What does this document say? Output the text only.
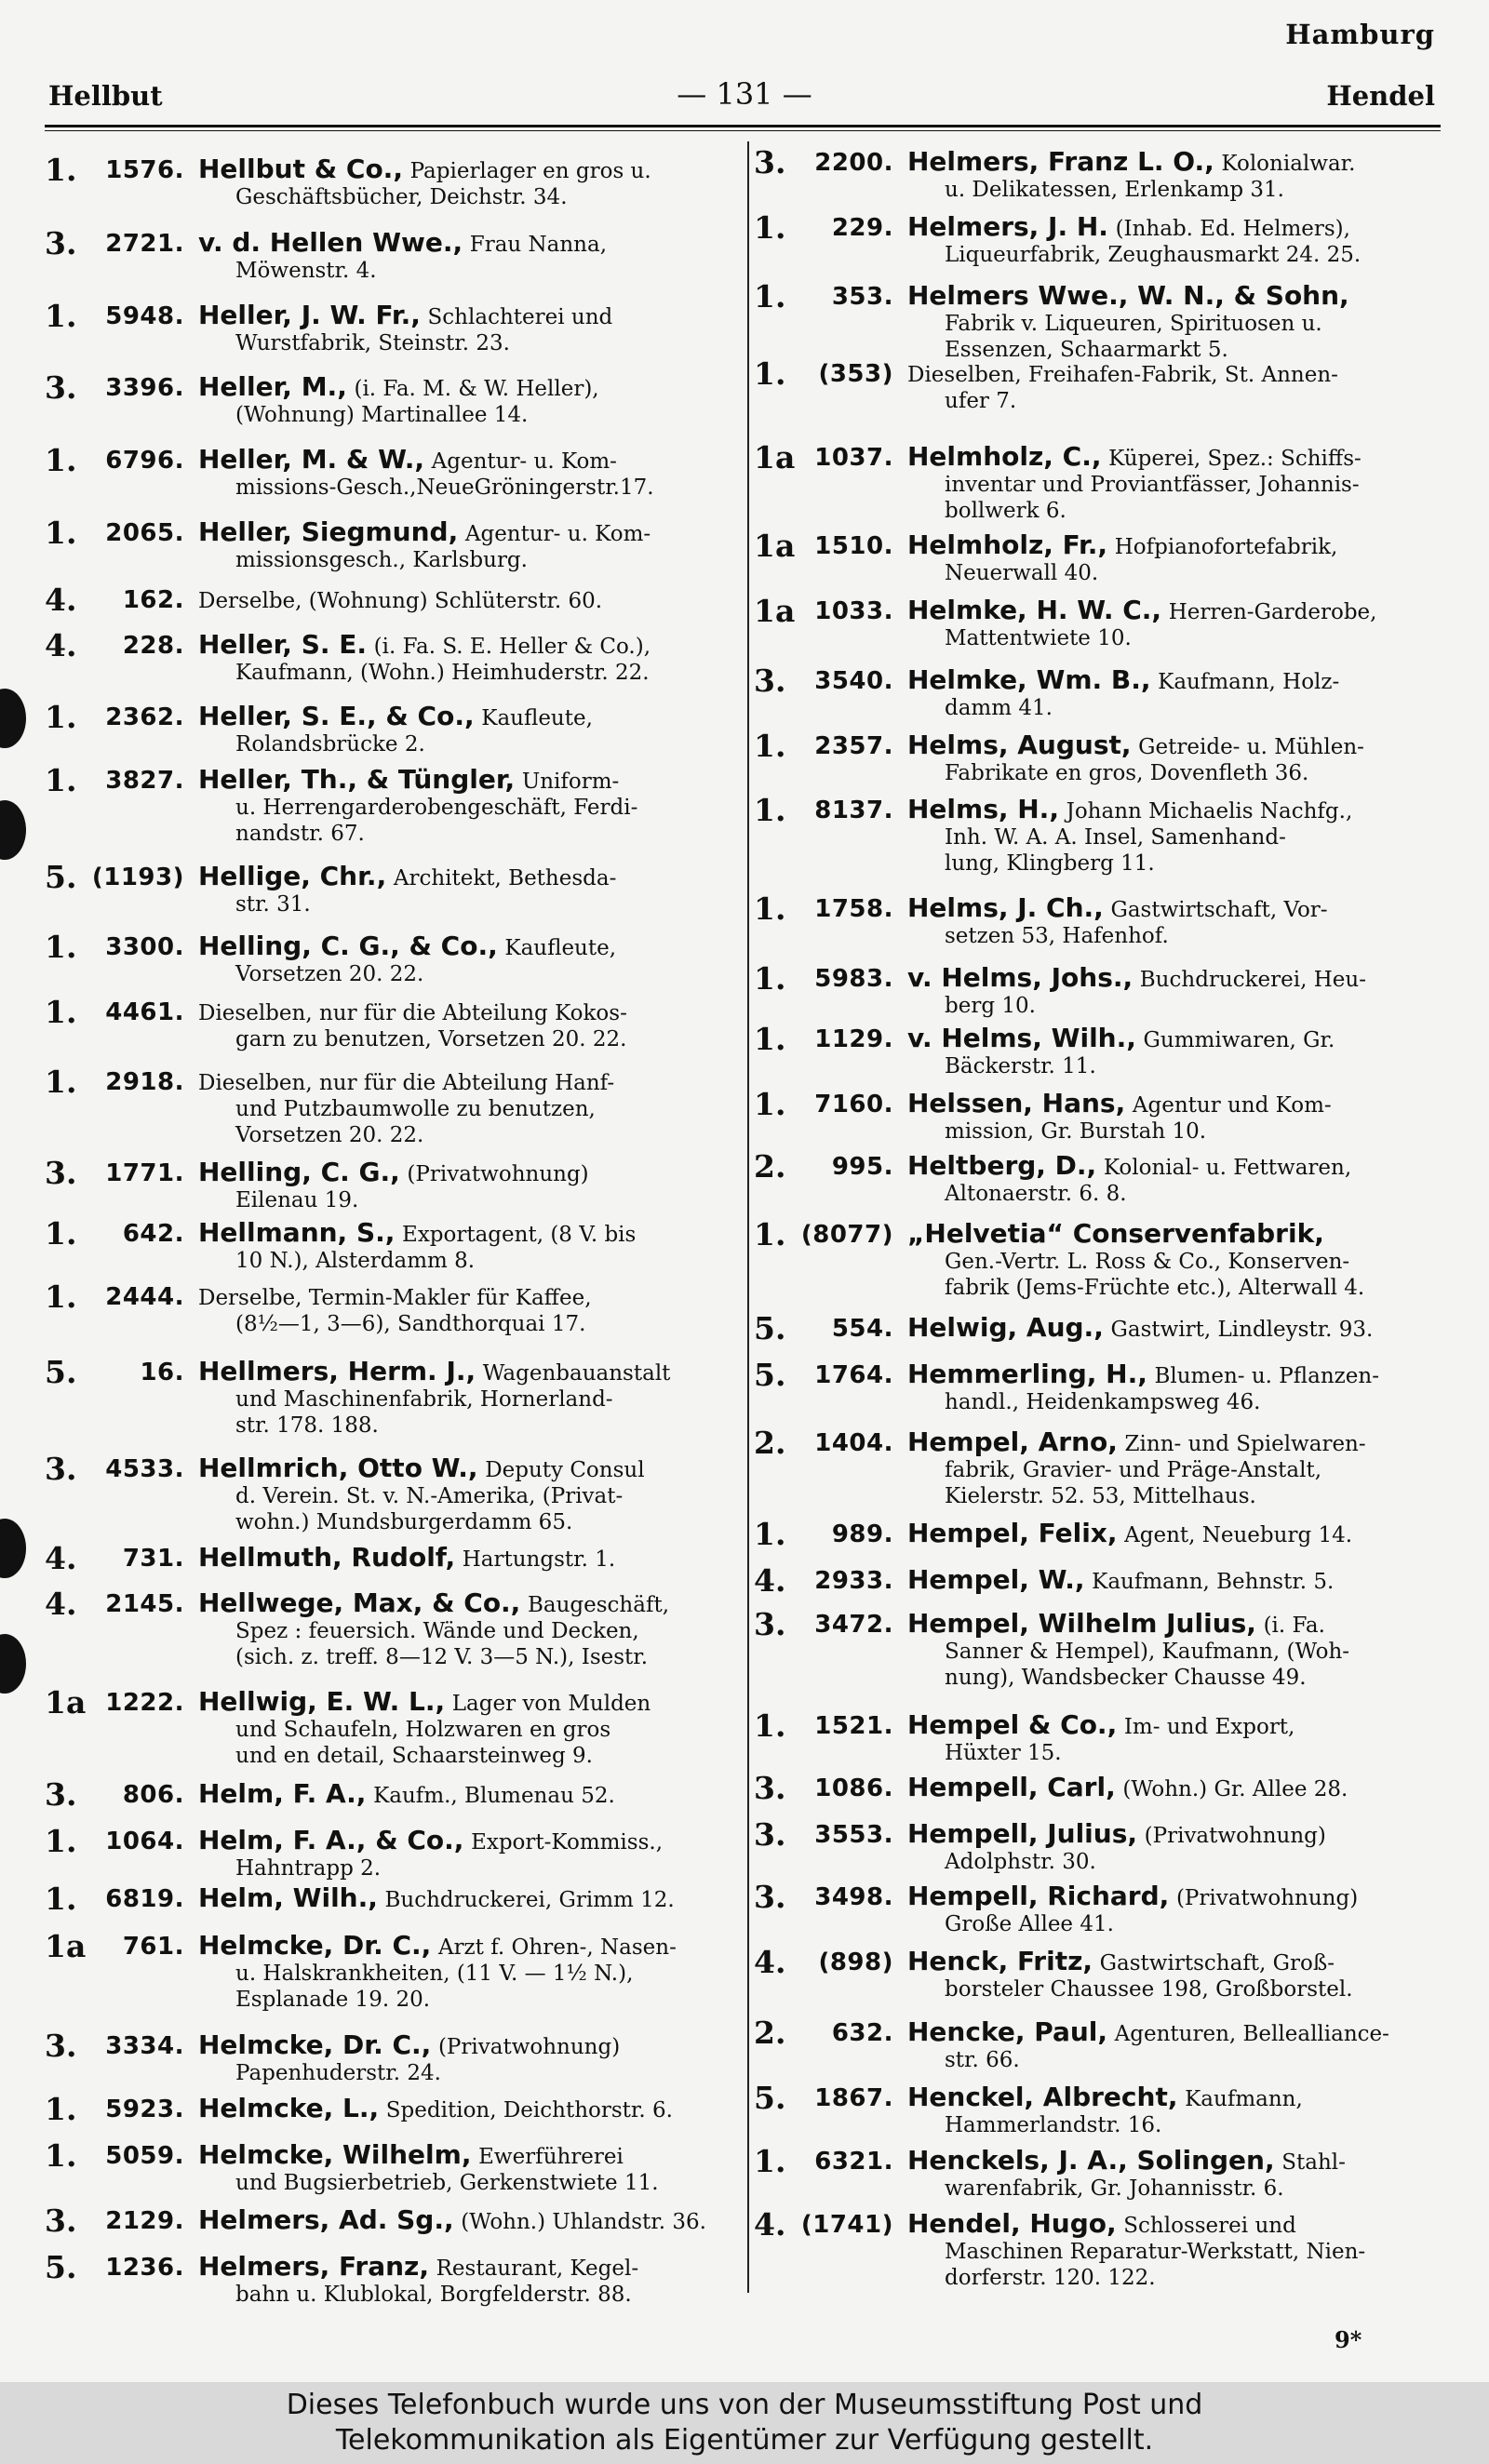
Hamburg
Hellbut	— 131 —	Hendel
1.	1576. Hellbut & Co., Papierlager en gros u.
Geschäftsbücher, Deichstr. 34.
3.	2721. v. d. Hellen Wwe., Frau Nanna,
Möwenstr. 4.
1.	5948. Heller, J. W. Fr., Schlachterei und
Wurstfabrik, Steinstr. 23.
3.	3396. Heller, M., (i. Fa. M. & W. Heller),
(Wohnung) Martinallee 14.
1.	6796. Heller, M. & W., Agentur- u. Kom-
missions-Gesch.,NeueGröningerstr.17.
1.	2065. Heller, Siegmund, Agentur- u. Kom-
missionsgesch., Karlsburg.
4.	162. Derselbe, (Wohnung) Schlüterstr. 60.
4.	228. Heller, S. E. (i. Fa. S. E. Heller & Co.),
Kaufmann, (Wohn.) Heimhuderstr. 22.
1.	2362. Heller, S. E., & Co., Kaufleute,
Rolandsbrücke 2.
1.	3827. Heller, Th., & Tüngler, Uniform-
u. Herrengarderobengeschäft, Ferdi-
nandstr. 67.
5. (1193) Hellige, Chr., Architekt, Bethesda-
str. 31.
1.	3300. Helling, C. G., & Co., Kaufleute,
Vorsetzen 20. 22.
1.	4461. Dieselben, nur für die Abteilung Kokos-
garn zu benutzen, Vorsetzen 20. 22.
1.	2918. Dieselben, nur für die Abteilung Hanf-
und Putzbaumwolle zu benutzen,
Vorsetzen 20. 22.
3.	1771. Helling, C. G., (Privatwohnung)
Eilenau 19.
1.	642. Hellmann, S., Exportagent, (8 V. bis
10 N.), Alsterdamm 8.
1.	2444. Derselbe, Termin-Makler für Kaffee,
(8½—1, 3—6), Sandthorquai 17.
5.	16. Hellmers, Herm. J., Wagenbauanstalt
und Maschinenfabrik, Hornerland-
str. 178. 188.
3.	4533. Hellmrich, Otto W., Deputy Consul
d. Verein. St. v. N.-Amerika, (Privat-
wohn.) Mundsburgerdamm 65.
4.	731. Hellmuth, Rudolf, Hartungstr. 1.
4.	2145. Hellwege, Max, & Co., Baugeschäft,
Spez : feuersich. Wände und Decken,
(sich. z. treff. 8—12 V. 3—5 N.), Isestr.
1a 1222. Hellwig, E. W. L., Lager von Mulden
und Schaufeln, Holzwaren en gros
und en detail, Schaarsteinweg 9.
3.	806. Helm, F. A., Kaufm., Blumenau 52.
1.	1064. Helm, F. A., & Co., Export-Kommiss.,
Hahntrapp 2.
1.	6819. Helm, Wilh., Buchdruckerei, Grimm 12.
1a	761. Helmcke, Dr. C., Arzt f. Ohren-, Nasen-
u. Halskrankheiten, (11 V. — 1½ N.),
Esplanade 19. 20.
3.	3334. Helmcke, Dr. C., (Privatwohnung)
Papenhuderstr. 24.
1.	5923. Helmcke, L., Spedition, Deichthorstr. 6.
1.	5059. Helmcke, Wilhelm, Ewerführerei
und Bugsierbetrieb, Gerkenstwiete 11.
3.	2129. Helmers, Ad. Sg., (Wohn.) Uhlandstr. 36.
5.	1236. Helmers, Franz, Restaurant, Kegel-
bahn u. Klublokal, Borgfelderstr. 88.
3.	2200. Helmers, Franz L. O., Kolonialwar.
u. Delikatessen, Erlenkamp 31.
1.	229. Helmers, J. H. (Inhab. Ed. Helmers),
Liqueurfabrik, Zeughausmarkt 24. 25.
1.	353. Helmers Wwe., W. N., & Sohn,
Fabrik v. Liqueuren, Spirituosen u.
Essenzen, Schaarmarkt 5.
1.	(353) Dieselben, Freihafen-Fabrik, St. Annen-
ufer 7.
1a 1037. Helmholz, C., Küperei, Spez.: Schiffs-
inventar und Proviantfässer, Johannis-
bollwerk 6.
1a 1510. Helmholz, Fr., Hofpianofortefabrik,
Neuerwall 40.
1a 1033. Helmke, H. W. C., Herren-Garderobe,
Mattentwiete 10.
3.	3540. Helmke, Wm. B., Kaufmann, Holz-
damm 41.
1.	2357. Helms, August, Getreide- u. Mühlen-
Fabrikate en gros, Dovenfleth 36.
1.	8137. Helms, H., Johann Michaelis Nachfg.,
Inh. W. A. A. Insel, Samenhand-
lung, Klingberg 11.
1.	1758. Helms, J. Ch., Gastwirtschaft, Vor-
setzen 53, Hafenhof.
1.	5983. v. Helms, Johs., Buchdruckerei, Heu-
berg 10.
1.	1129. v. Helms, Wilh., Gummiwaren, Gr.
Bäckerstr. 11.
1.	7160. Helssen, Hans, Agentur und Kom-
mission, Gr. Burstah 10.
2.	995. Heltberg, D., Kolonial- u. Fettwaren,
Altonaerstr. 6. 8.
1. (8077) „Helvetia“ Conservenfabrik,
Gen.-Vertr. L. Ross & Co., Konserven-
fabrik (Jems-Früchte etc.), Alterwall 4.
5.	554. Helwig, Aug., Gastwirt, Lindleystr. 93.
5.	1764. Hemmerling, H., Blumen- u. Pflanzen-
handl., Heidenkampsweg 46.
2.	1404. Hempel, Arno, Zinn- und Spielwaren-
fabrik, Gravier- und Präge-Anstalt,
Kielerstr. 52. 53, Mittelhaus.
1.	989. Hempel, Felix, Agent, Neueburg 14.
4.	2933. Hempel, W., Kaufmann, Behnstr. 5.
3.	3472. Hempel, Wilhelm Julius, (i. Fa.
Sanner & Hempel), Kaufmann, (Woh-
nung), Wandsbecker Chausse 49.
1.	1521. Hempel & Co., Im- und Export,
Hüxter 15.
3.	1086. Hempell, Carl, (Wohn.) Gr. Allee 28.
3.	3553. Hempell, Julius, (Privatwohnung)
Adolphstr. 30.
3.	3498. Hempell, Richard, (Privatwohnung)
Große Allee 41.
4.	(898) Henck, Fritz, Gastwirtschaft, Groß-
borsteler Chaussee 198, Großborstel.
2.	632. Hencke, Paul, Agenturen, Bellealliance-
str. 66.
5.	1867. Henckel, Albrecht, Kaufmann,
Hammerlandstr. 16.
1.	6321. Henckels, J. A., Solingen, Stahl-
warenfabrik, Gr. Johannisstr. 6.
4. (1741) Hendel, Hugo, Schlosserei und
Maschinen Reparatur-Werkstatt, Nien-
dorferstr. 120. 122.
9*
Dieses Telefonbuch wurde uns von der Museumsstiftung Post und
Telekommunikation als Eigentümer zur Verfügung gestellt.
